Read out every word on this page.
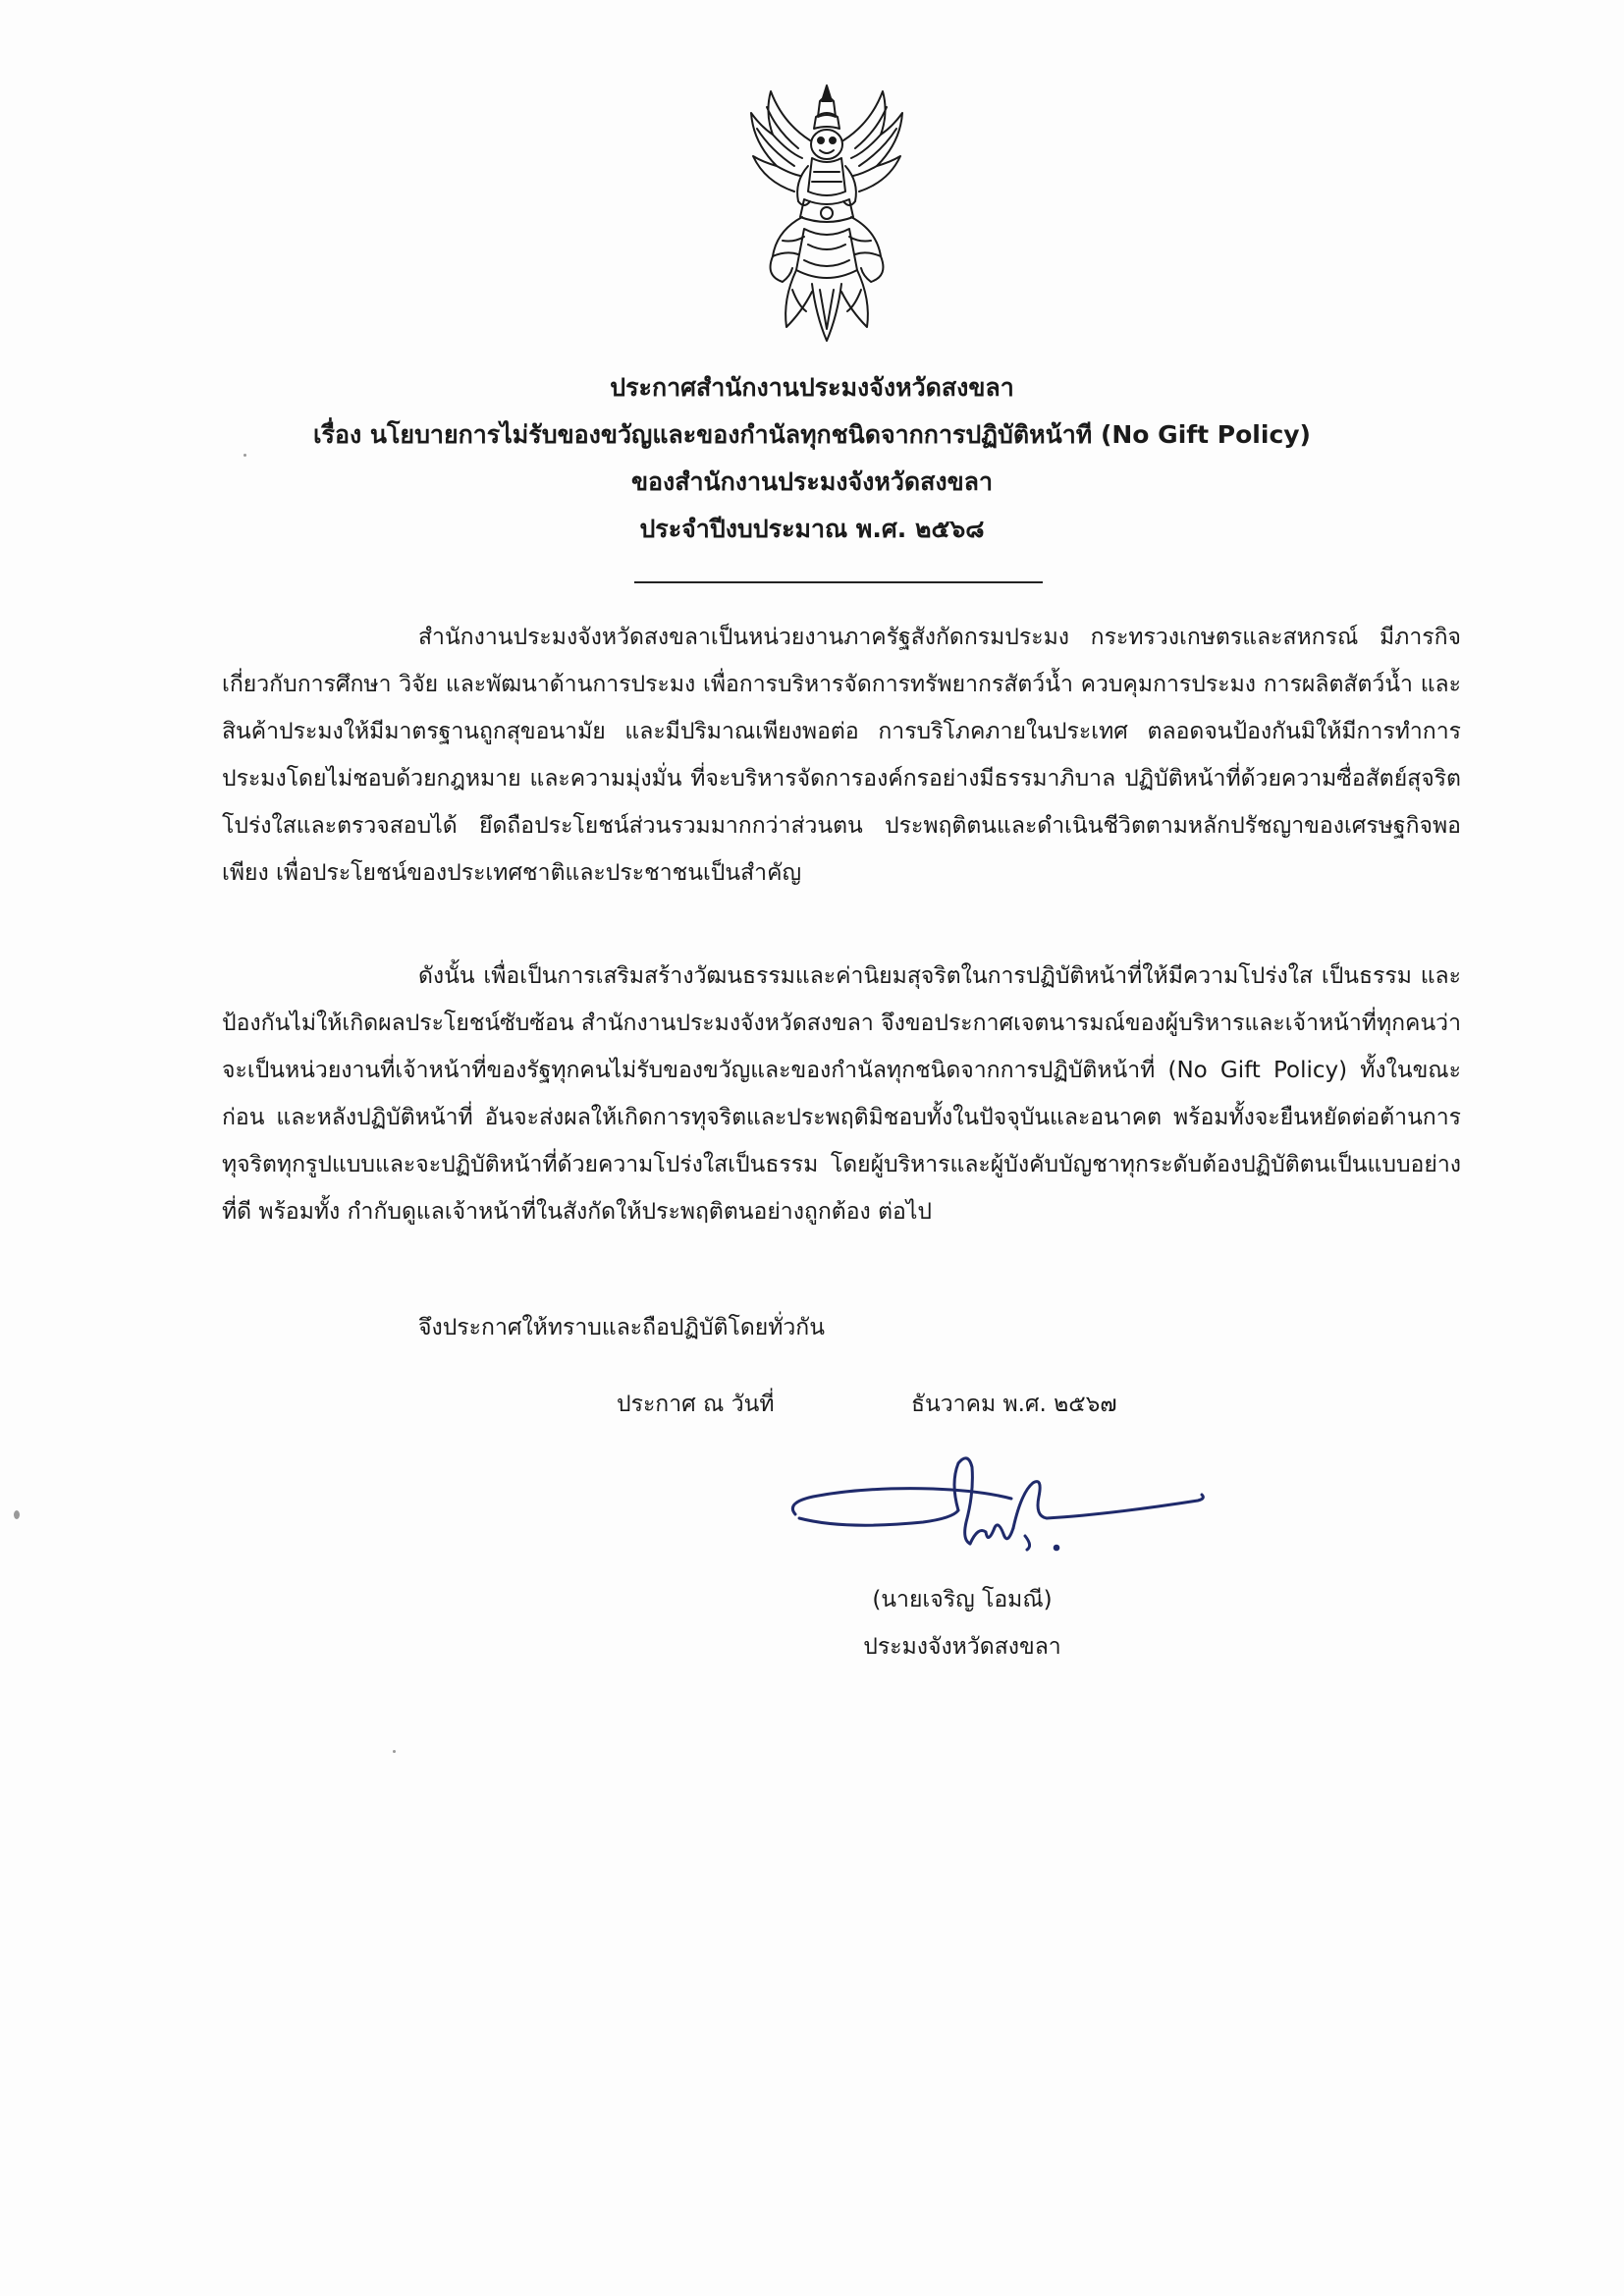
ประกาศสำนักงานประมงจังหวัดสงขลา
เรื่อง นโยบายการไม่รับของขวัญและของกำนัลทุกชนิดจากการปฏิบัติหน้าที (No Gift Policy)
ของสำนักงานประมงจังหวัดสงขลา
ประจำปีงบประมาณ พ.ศ. ๒๕๖๘
สำนักงานประมงจังหวัดสงขลาเป็นหน่วยงานภาครัฐสังกัดกรมประมง กระทรวงเกษตรและสหกรณ์ มีภารกิจเกี่ยวกับการศึกษา วิจัย และพัฒนาด้านการประมง เพื่อการบริหารจัดการทรัพยากรสัตว์น้ำ ควบคุมการประมง การผลิตสัตว์น้ำ และสินค้าประมงให้มีมาตรฐานถูกสุขอนามัย และมีปริมาณเพียงพอต่อ การบริโภคภายในประเทศ ตลอดจนป้องกันมิให้มีการทำการประมงโดยไม่ชอบด้วยกฎหมาย และความมุ่งมั่น ที่จะบริหารจัดการองค์กรอย่างมีธรรมาภิบาล ปฏิบัติหน้าที่ด้วยความซื่อสัตย์สุจริต โปร่งใสและตรวจสอบได้ ยึดถือประโยชน์ส่วนรวมมากกว่าส่วนตน ประพฤติตนและดำเนินชีวิตตามหลักปรัชญาของเศรษฐกิจพอเพียง เพื่อประโยชน์ของประเทศชาติและประชาชนเป็นสำคัญ
ดังนั้น เพื่อเป็นการเสริมสร้างวัฒนธรรมและค่านิยมสุจริตในการปฏิบัติหน้าที่ให้มีความโปร่งใส เป็นธรรม และป้องกันไม่ให้เกิดผลประโยชน์ซับซ้อน สำนักงานประมงจังหวัดสงขลา จึงขอประกาศเจตนารมณ์ของผู้บริหารและเจ้าหน้าที่ทุกคนว่า จะเป็นหน่วยงานที่เจ้าหน้าที่ของรัฐทุกคนไม่รับของขวัญและของกำนัลทุกชนิดจากการปฏิบัติหน้าที่ (No Gift Policy) ทั้งในขณะ ก่อน และหลังปฏิบัติหน้าที่ อันจะส่งผลให้เกิดการทุจริตและประพฤติมิชอบทั้งในปัจจุบันและอนาคต พร้อมทั้งจะยืนหยัดต่อต้านการทุจริตทุกรูปแบบและจะปฏิบัติหน้าที่ด้วยความโปร่งใสเป็นธรรม โดยผู้บริหารและผู้บังคับบัญชาทุกระดับต้องปฏิบัติตนเป็นแบบอย่างที่ดี พร้อมทั้ง กำกับดูแลเจ้าหน้าที่ในสังกัดให้ประพฤติตนอย่างถูกต้อง ต่อไป
จึงประกาศให้ทราบและถือปฏิบัติโดยทั่วกัน
ประกาศ ณ วันที่	ธันวาคม พ.ศ. ๒๕๖๗
(นายเจริญ โอมณี)
ประมงจังหวัดสงขลา
